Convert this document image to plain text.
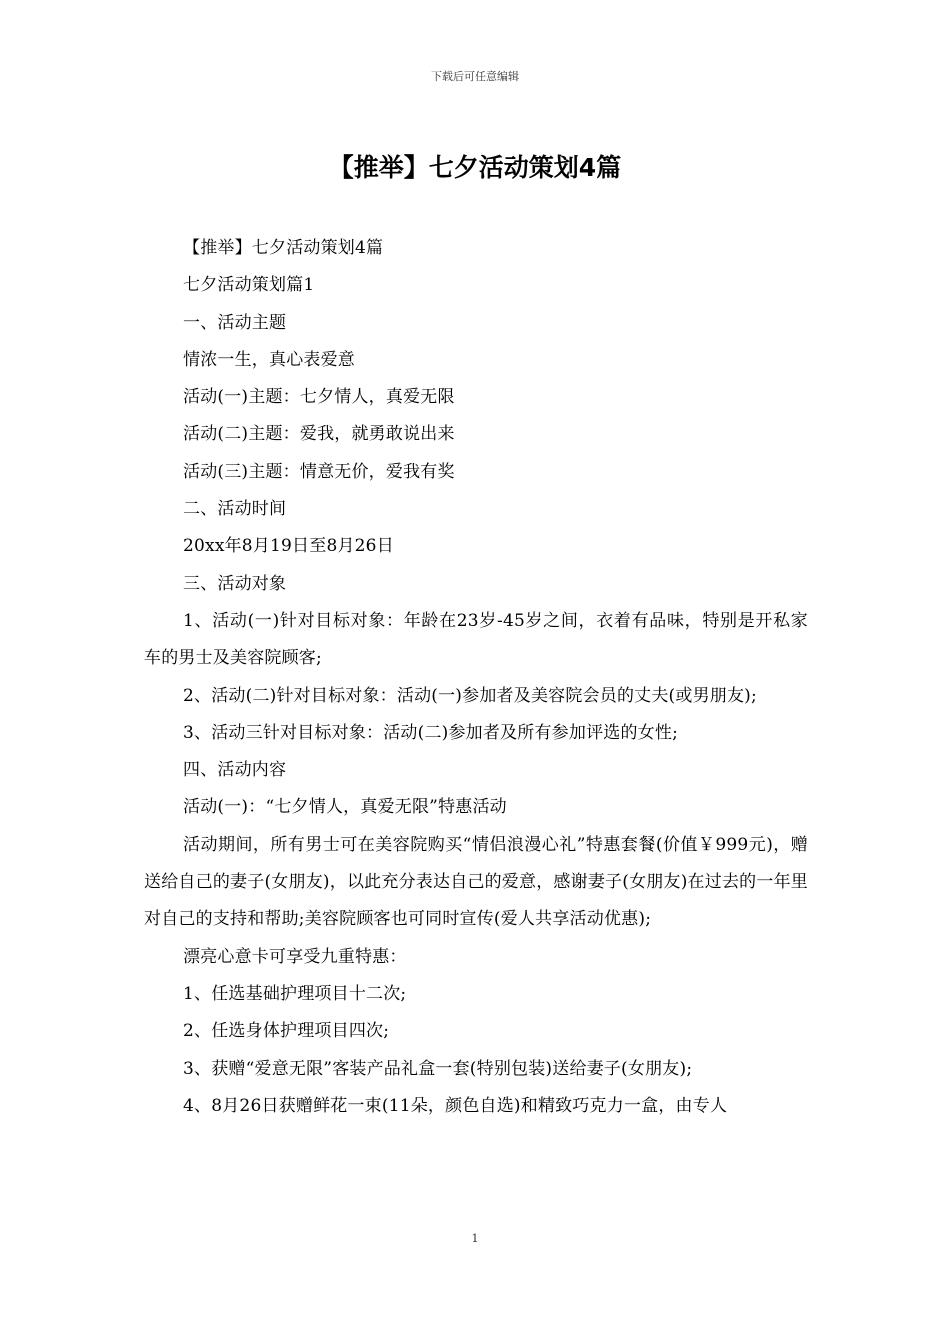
下载后可任意编辑
【推举】七夕活动策划4篇

【推举】七夕活动策划4篇

七夕活动策划篇1

一、活动主题

情浓一生，真心表爱意

活动(一)主题：七夕情人，真爱无限

活动(二)主题：爱我，就勇敢说出来

活动(三)主题：情意无价，爱我有奖

二、活动时间

20xx年8月19日至8月26日

三、活动对象

1、活动(一)针对目标对象：年龄在23岁-45岁之间，衣着有品味，特别是开私家车的男士及美容院顾客;

2、活动(二)针对目标对象：活动(一)参加者及美容院会员的丈夫(或男朋友);

3、活动三针对目标对象：活动(二)参加者及所有参加评选的女性;

四、活动内容

活动(一)：“七夕情人，真爱无限”特惠活动

活动期间，所有男士可在美容院购买“情侣浪漫心礼”特惠套餐(价值￥999元)，赠送给自己的妻子(女朋友)，以此充分表达自己的爱意，感谢妻子(女朋友)在过去的一年里对自己的支持和帮助;美容院顾客也可同时宣传(爱人共享活动优惠);

漂亮心意卡可享受九重特惠：

1、任选基础护理项目十二次;

2、任选身体护理项目四次;

3、获赠“爱意无限”客装产品礼盒一套(特别包装)送给妻子(女朋友);

4、8月26日获赠鲜花一束(11朵，颜色自选)和精致巧克力一盒，由专人

1
